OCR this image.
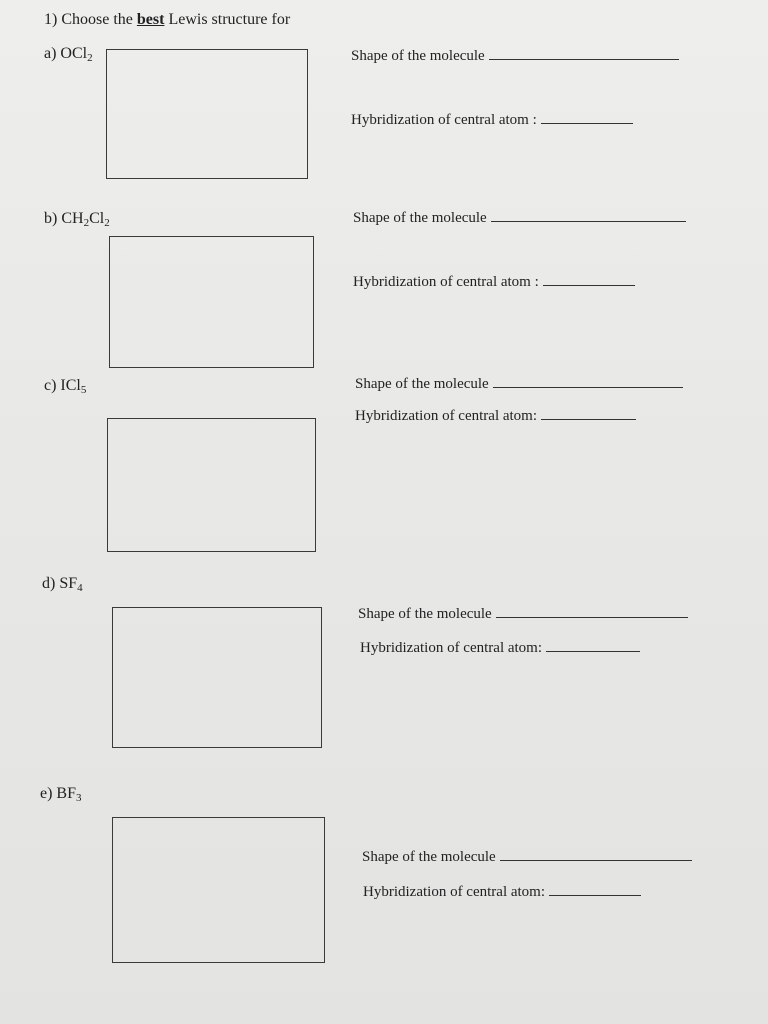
1) Choose the best Lewis structure for
a) OCl$_2$	Shape of the molecule
Hybridization of central atom :
b) $CH_2Cl_2$	Shape of the molecule
Hybridization of central atom :
c) ICl$_5$	Shape of the molecule
Hybridization of central atom:
d) $SF_4$
Shape of the molecule
Hybridization of central atom:
e) $BF_3$
Shape of the molecule
Hybridization of central atom:
